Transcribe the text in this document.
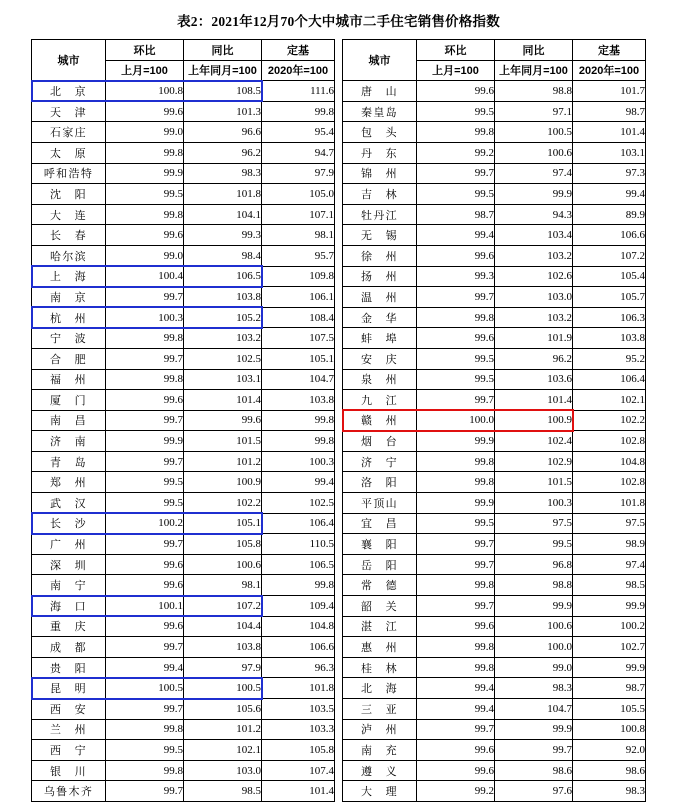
表2：2021年12月70个大中城市二手住宅销售价格指数
城市	环比	同比	定基		城市	环比	同比	定基
	上月=100	上年同月=100	2020年=100			上月=100	上年同月=100	2020年=100
北　京	100.8	108.5	111.6		唐　山	99.6	98.8	101.7
天　津	99.6	101.3	99.8		秦皇岛	99.5	97.1	98.7
石家庄	99.0	96.6	95.4		包　头	99.8	100.5	101.4
太　原	99.8	96.2	94.7		丹　东	99.2	100.6	103.1
呼和浩特	99.9	98.3	97.9		锦　州	99.7	97.4	97.3
沈　阳	99.5	101.8	105.0		吉　林	99.5	99.9	99.4
大　连	99.8	104.1	107.1		牡丹江	98.7	94.3	89.9
长　春	99.6	99.3	98.1		无　锡	99.4	103.4	106.6
哈尔滨	99.0	98.4	95.7		徐　州	99.6	103.2	107.2
上　海	100.4	106.5	109.8		扬　州	99.3	102.6	105.4
南　京	99.7	103.8	106.1		温　州	99.7	103.0	105.7
杭　州	100.3	105.2	108.4		金　华	99.8	103.2	106.3
宁　波	99.8	103.2	107.5		蚌　埠	99.6	101.9	103.8
合　肥	99.7	102.5	105.1		安　庆	99.5	96.2	95.2
福　州	99.8	103.1	104.7		泉　州	99.5	103.6	106.4
厦　门	99.6	101.4	103.8		九　江	99.7	101.4	102.1
南　昌	99.7	99.6	99.8		赣　州	100.0	100.9	102.2
济　南	99.9	101.5	99.8		烟　台	99.9	102.4	102.8
青　岛	99.7	101.2	100.3		济　宁	99.8	102.9	104.8
郑　州	99.5	100.9	99.4		洛　阳	99.8	101.5	102.8
武　汉	99.5	102.2	102.5		平顶山	99.9	100.3	101.8
长　沙	100.2	105.1	106.4		宜　昌	99.5	97.5	97.5
广　州	99.7	105.8	110.5		襄　阳	99.7	99.5	98.9
深　圳	99.6	100.6	106.5		岳　阳	99.7	96.8	97.4
南　宁	99.6	98.1	99.8		常　德	99.8	98.8	98.5
海　口	100.1	107.2	109.4		韶　关	99.7	99.9	99.9
重　庆	99.6	104.4	104.8		湛　江	99.6	100.6	100.2
成　都	99.7	103.8	106.6		惠　州	99.8	100.0	102.7
贵　阳	99.4	97.9	96.3		桂　林	99.8	99.0	99.9
昆　明	100.5	100.5	101.8		北　海	99.4	98.3	98.7
西　安	99.7	105.6	103.5		三　亚	99.4	104.7	105.5
兰　州	99.8	101.2	103.3		泸　州	99.7	99.9	100.8
西　宁	99.5	102.1	105.8		南　充	99.6	99.7	92.0
银　川	99.8	103.0	107.4		遵　义	99.6	98.6	98.6
乌鲁木齐	99.7	98.5	101.4		大　理	99.2	97.6	98.3
